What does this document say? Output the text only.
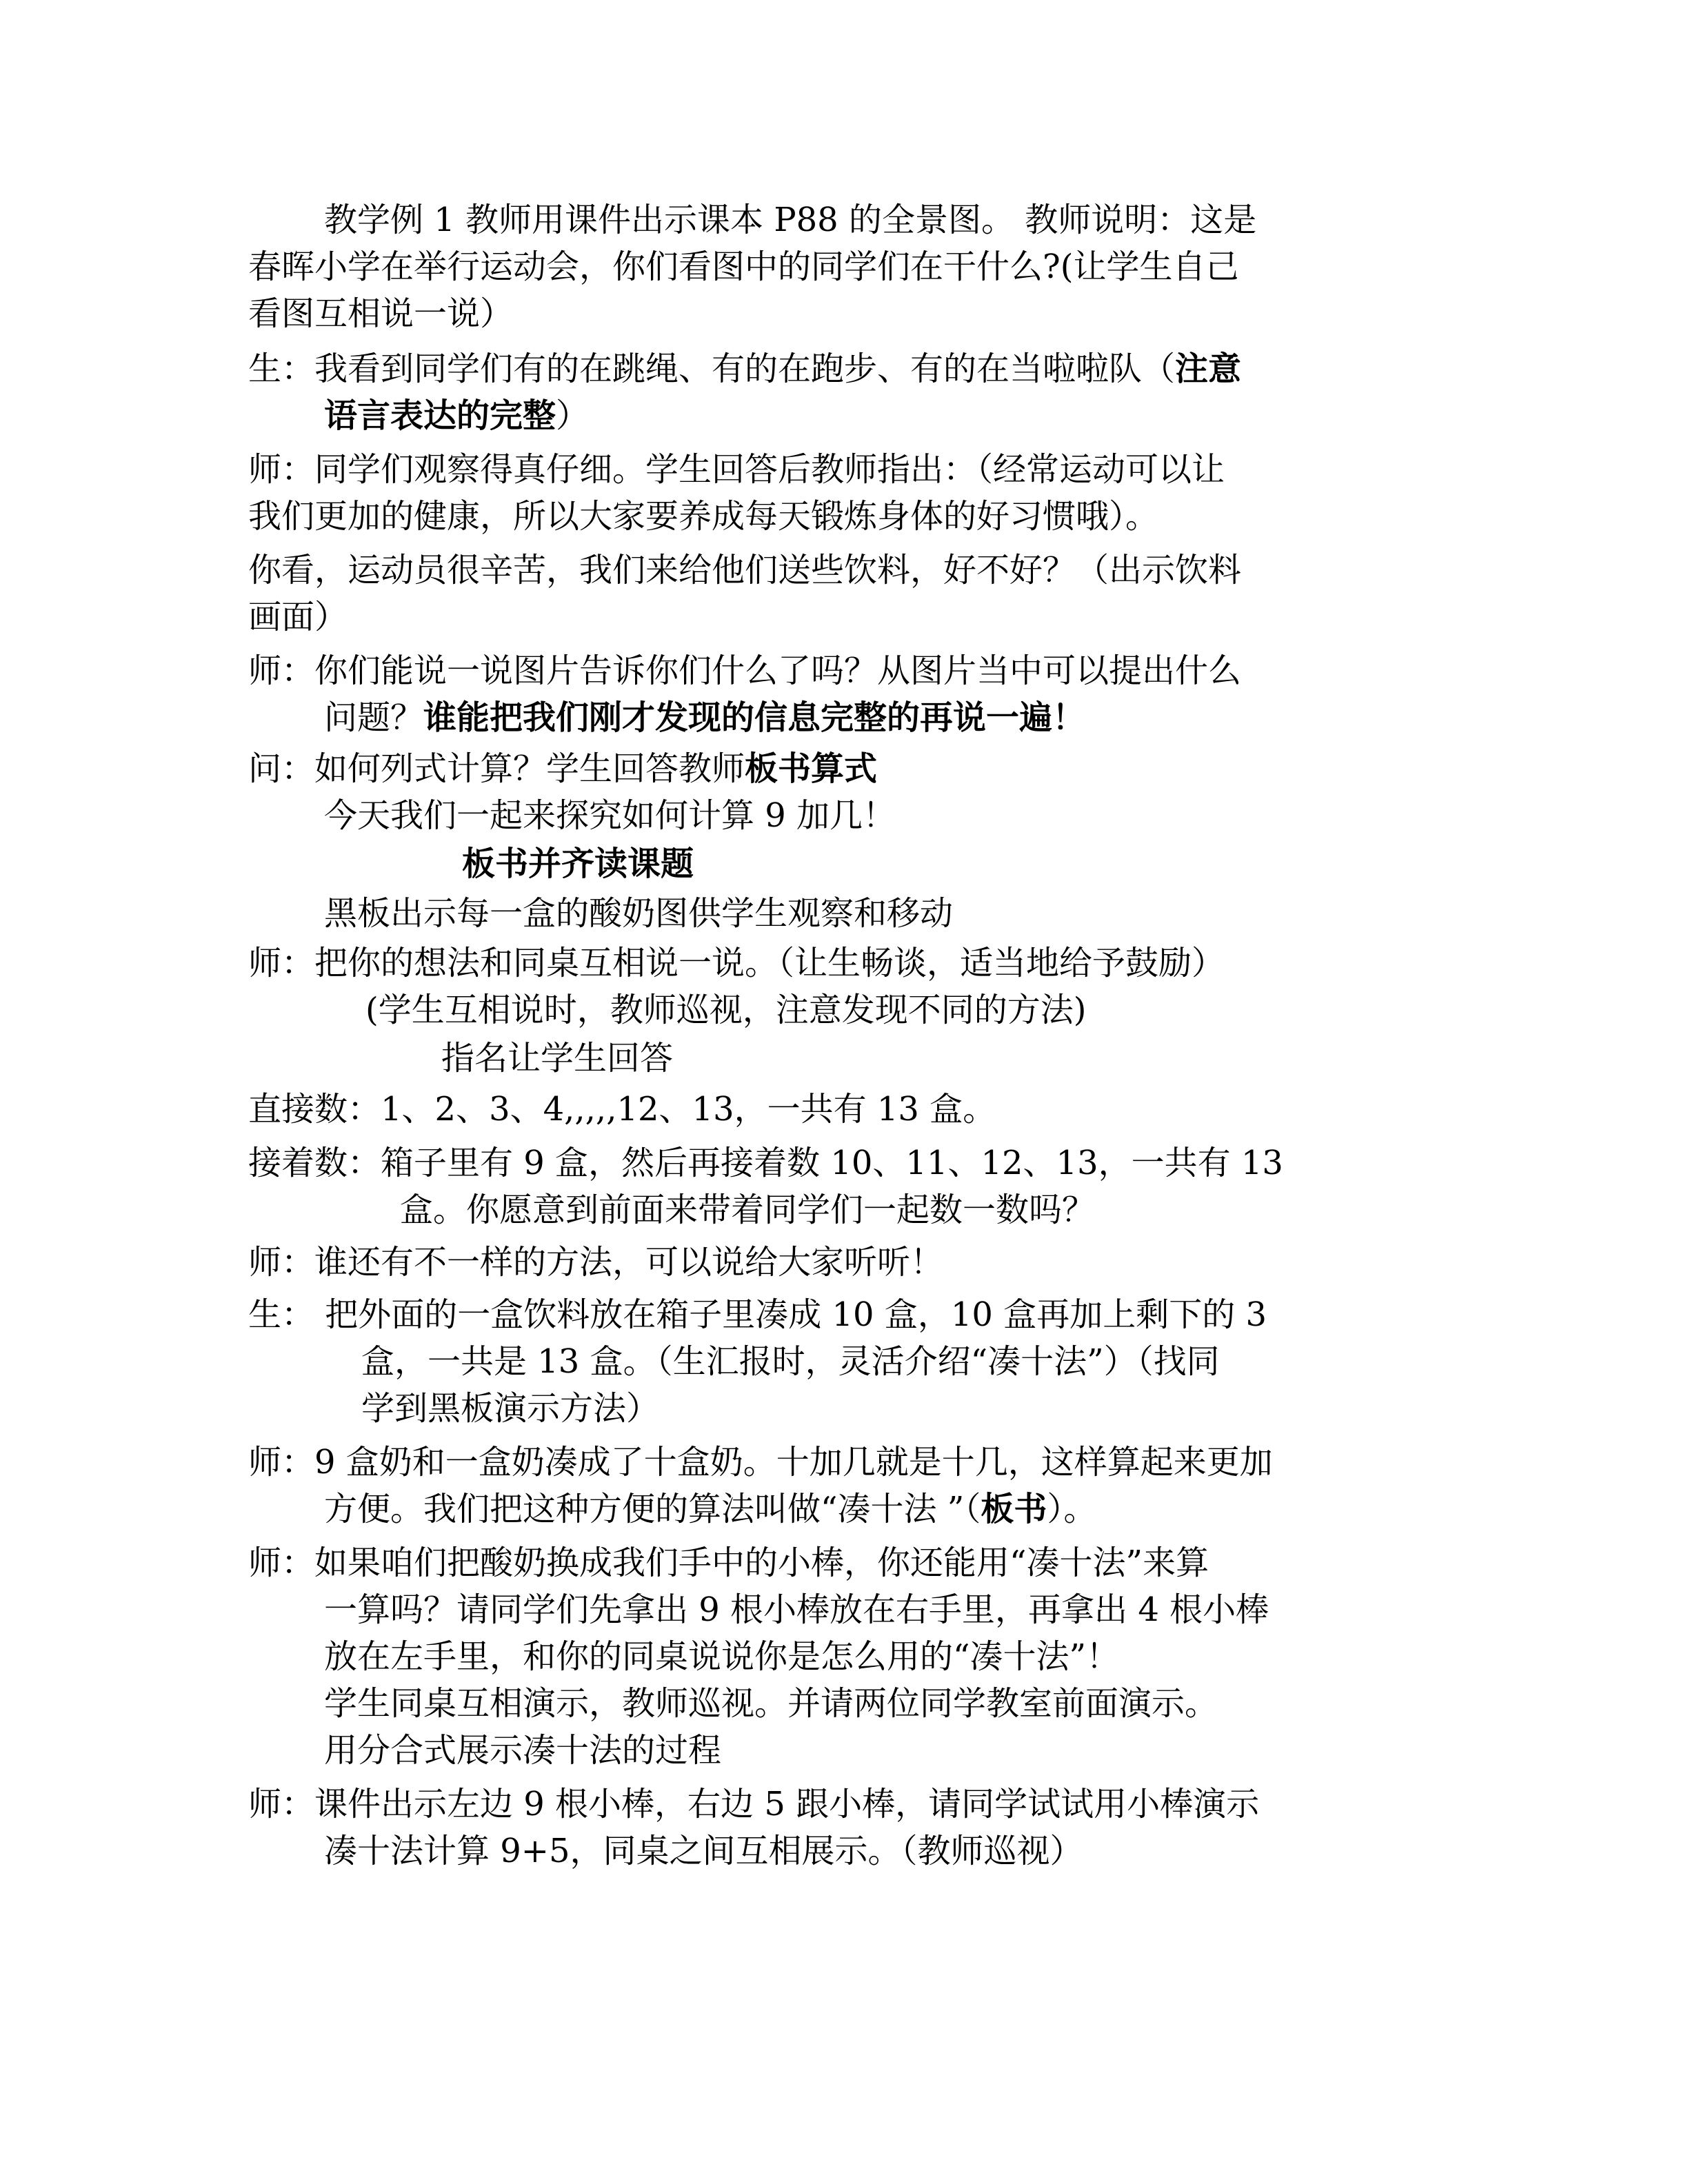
教学例 1 教师用课件出示课本 P88 的全景图。 教师说明：这是
春晖小学在举行运动会，你们看图中的同学们在干什么?(让学生自己
看图互相说一说）
生：我看到同学们有的在跳绳、有的在跑步、有的在当啦啦队（注意
语言表达的完整）
师：同学们观察得真仔细。学生回答后教师指出：（经常运动可以让
我们更加的健康，所以大家要养成每天锻炼身体的好习惯哦）。
你看，运动员很辛苦，我们来给他们送些饮料，好不好？（出示饮料
画面）
师：你们能说一说图片告诉你们什么了吗？从图片当中可以提出什么
问题？谁能把我们刚才发现的信息完整的再说一遍！
问：如何列式计算？学生回答教师板书算式
今天我们一起来探究如何计算 9 加几！
板书并齐读课题
黑板出示每一盒的酸奶图供学生观察和移动
师：把你的想法和同桌互相说一说。（让生畅谈，适当地给予鼓励）
(学生互相说时，教师巡视，注意发现不同的方法)
指名让学生回答
直接数：1、2、3、4,,,,,12、13，一共有 13 盒。
接着数：箱子里有 9 盒，然后再接着数 10、11、12、13，一共有 13
盒。你愿意到前面来带着同学们一起数一数吗？
师：谁还有不一样的方法，可以说给大家听听！
生： 把外面的一盒饮料放在箱子里凑成 10 盒，10 盒再加上剩下的 3
盒，一共是 13 盒。（生汇报时，灵活介绍“凑十法”）（找同
学到黑板演示方法）
师：9 盒奶和一盒奶凑成了十盒奶。十加几就是十几，这样算起来更加
方便。我们把这种方便的算法叫做“凑十法 ”（板书）。
师：如果咱们把酸奶换成我们手中的小棒，你还能用“凑十法”来算
一算吗？请同学们先拿出 9 根小棒放在右手里，再拿出 4 根小棒
放在左手里，和你的同桌说说你是怎么用的“凑十法”！
学生同桌互相演示，教师巡视。并请两位同学教室前面演示。
用分合式展示凑十法的过程
师：课件出示左边 9 根小棒，右边 5 跟小棒，请同学试试用小棒演示
凑十法计算 9+5，同桌之间互相展示。（教师巡视）
